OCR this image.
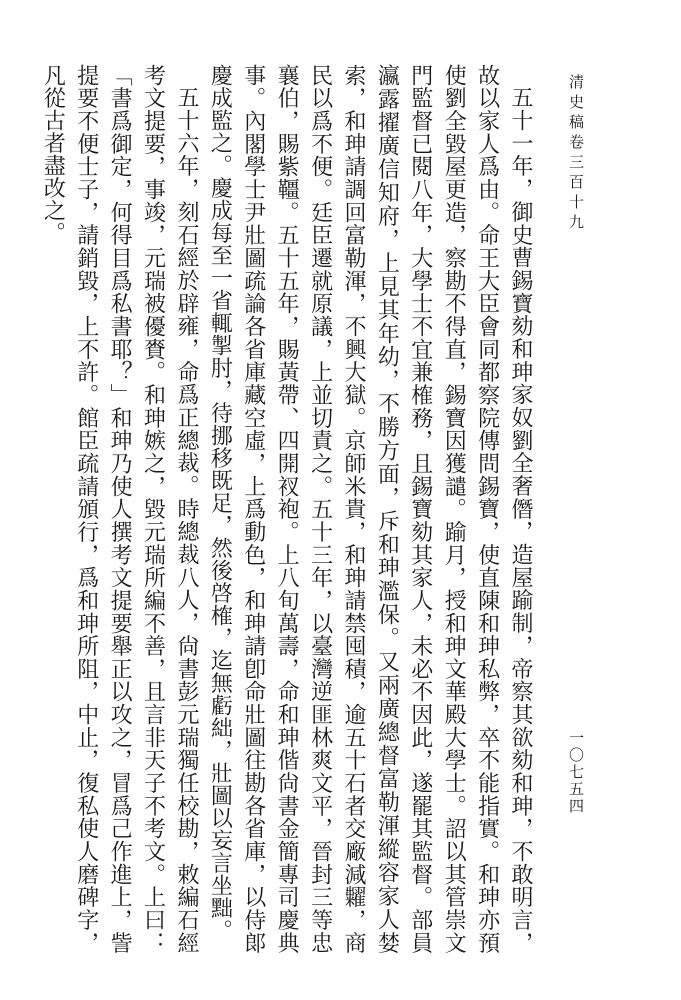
清史稿卷三百十九
一〇七五四

五十一年，御史曹錫寶劾和珅家奴劉全奢僭，造屋踰制，帝察其欲劾和珅，不敢明言，故以家人爲由。命王大臣會同都察院傳問錫寶，使直陳和珅私弊，卒不能指實。和珅亦預使劉全毀屋更造，察勘不得直，錫寶因獲譴。踰月，授和珅文華殿大學士。詔以其管崇文門監督已閱八年，大學士不宜兼榷務，且錫寶劾其家人，未必不因此，遂罷其監督。部員瀛露擢廣信知府，上見其年幼，不勝方面，斥和珅濫保。又兩廣總督富勒渾縱容家人婪索，和珅請調回富勒渾，不興大獄。京師米貴，和珅請禁囤積，逾五十石者交廠減糶，商民以爲不便。廷臣遷就原議，上並切責之。五十三年，以臺灣逆匪林爽文平，晉封三等忠襄伯，賜紫韁。五十五年，賜黃帶、四開衩袍。上八旬萬壽，命和珅偕尙書金簡專司慶典事。內閣學士尹壯圖疏論各省庫藏空虛，上爲動色，和珅請卽命壯圖往勘各省庫，以侍郞慶成監之。慶成每至一省輒掣肘，待挪移既足，然後啓榷，迄無虧絀，壯圖以妄言坐黜。

五十六年，刻石經於辟雍，命爲正總裁。時總裁八人，尙書彭元瑞獨任校勘，敕編石經考文提要，事竣，元瑞被優賚。和珅嫉之，毀元瑞所編不善，且言非天子不考文。上曰：「書爲御定，何得目爲私書耶？」和珅乃使人撰考文提要舉正以攻之，冒爲己作進上，訾提要不便士子，請銷毀，上不許。館臣疏請頒行，爲和珅所阻，中止，復私使人磨碑字，凡從古者盡改之。
